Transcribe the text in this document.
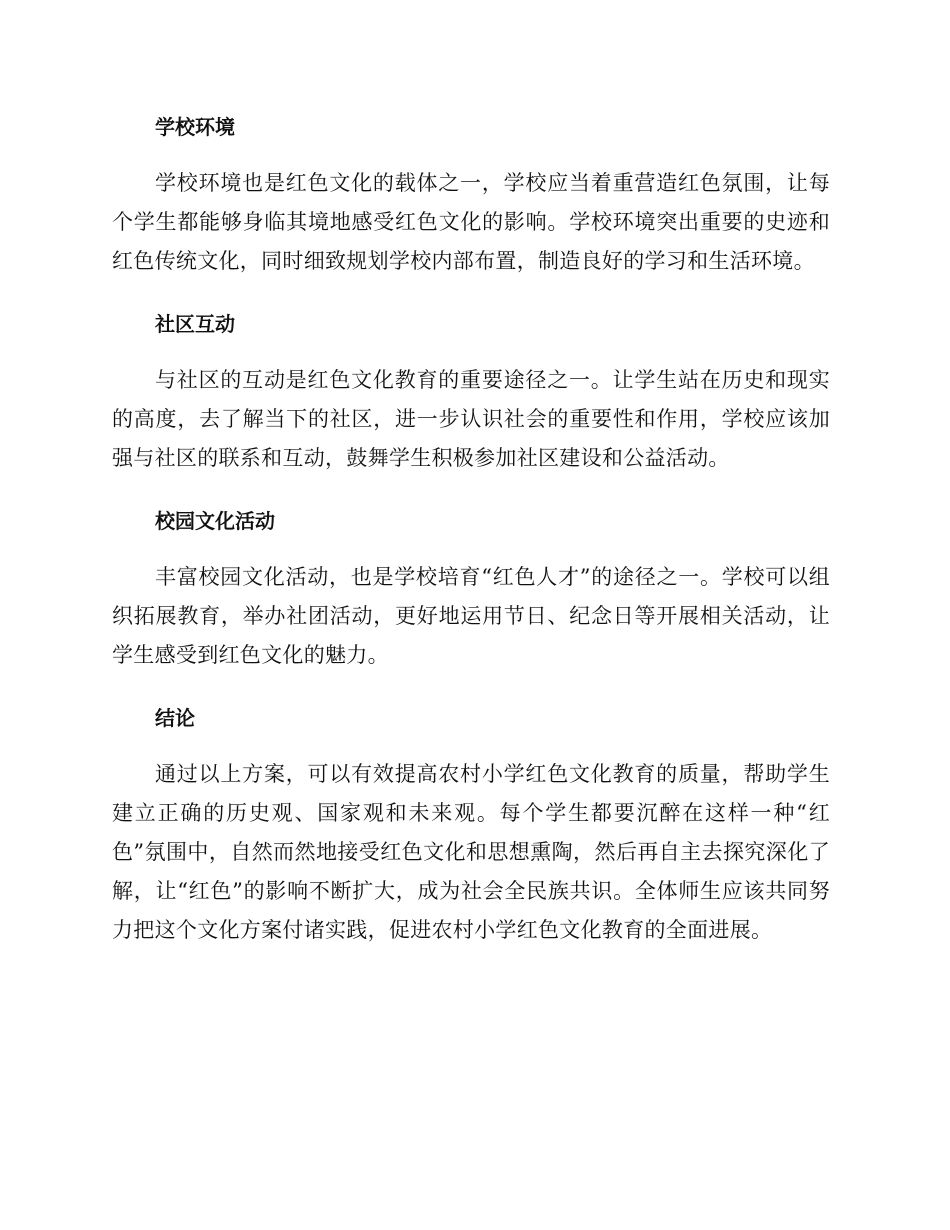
学校环境

学校环境也是红色文化的载体之一，学校应当着重营造红色氛围，让每个学生都能够身临其境地感受红色文化的影响。学校环境突出重要的史迹和红色传统文化，同时细致规划学校内部布置，制造良好的学习和生活环境。

社区互动

与社区的互动是红色文化教育的重要途径之一。让学生站在历史和现实的高度，去了解当下的社区，进一步认识社会的重要性和作用，学校应该加强与社区的联系和互动，鼓舞学生积极参加社区建设和公益活动。

校园文化活动

丰富校园文化活动，也是学校培育“红色人才”的途径之一。学校可以组织拓展教育，举办社团活动，更好地运用节日、纪念日等开展相关活动，让学生感受到红色文化的魅力。

结论

通过以上方案，可以有效提高农村小学红色文化教育的质量，帮助学生建立正确的历史观、国家观和未来观。每个学生都要沉醉在这样一种“红色”氛围中，自然而然地接受红色文化和思想熏陶，然后再自主去探究深化了解，让“红色”的影响不断扩大，成为社会全民族共识。全体师生应该共同努力把这个文化方案付诸实践，促进农村小学红色文化教育的全面进展。
